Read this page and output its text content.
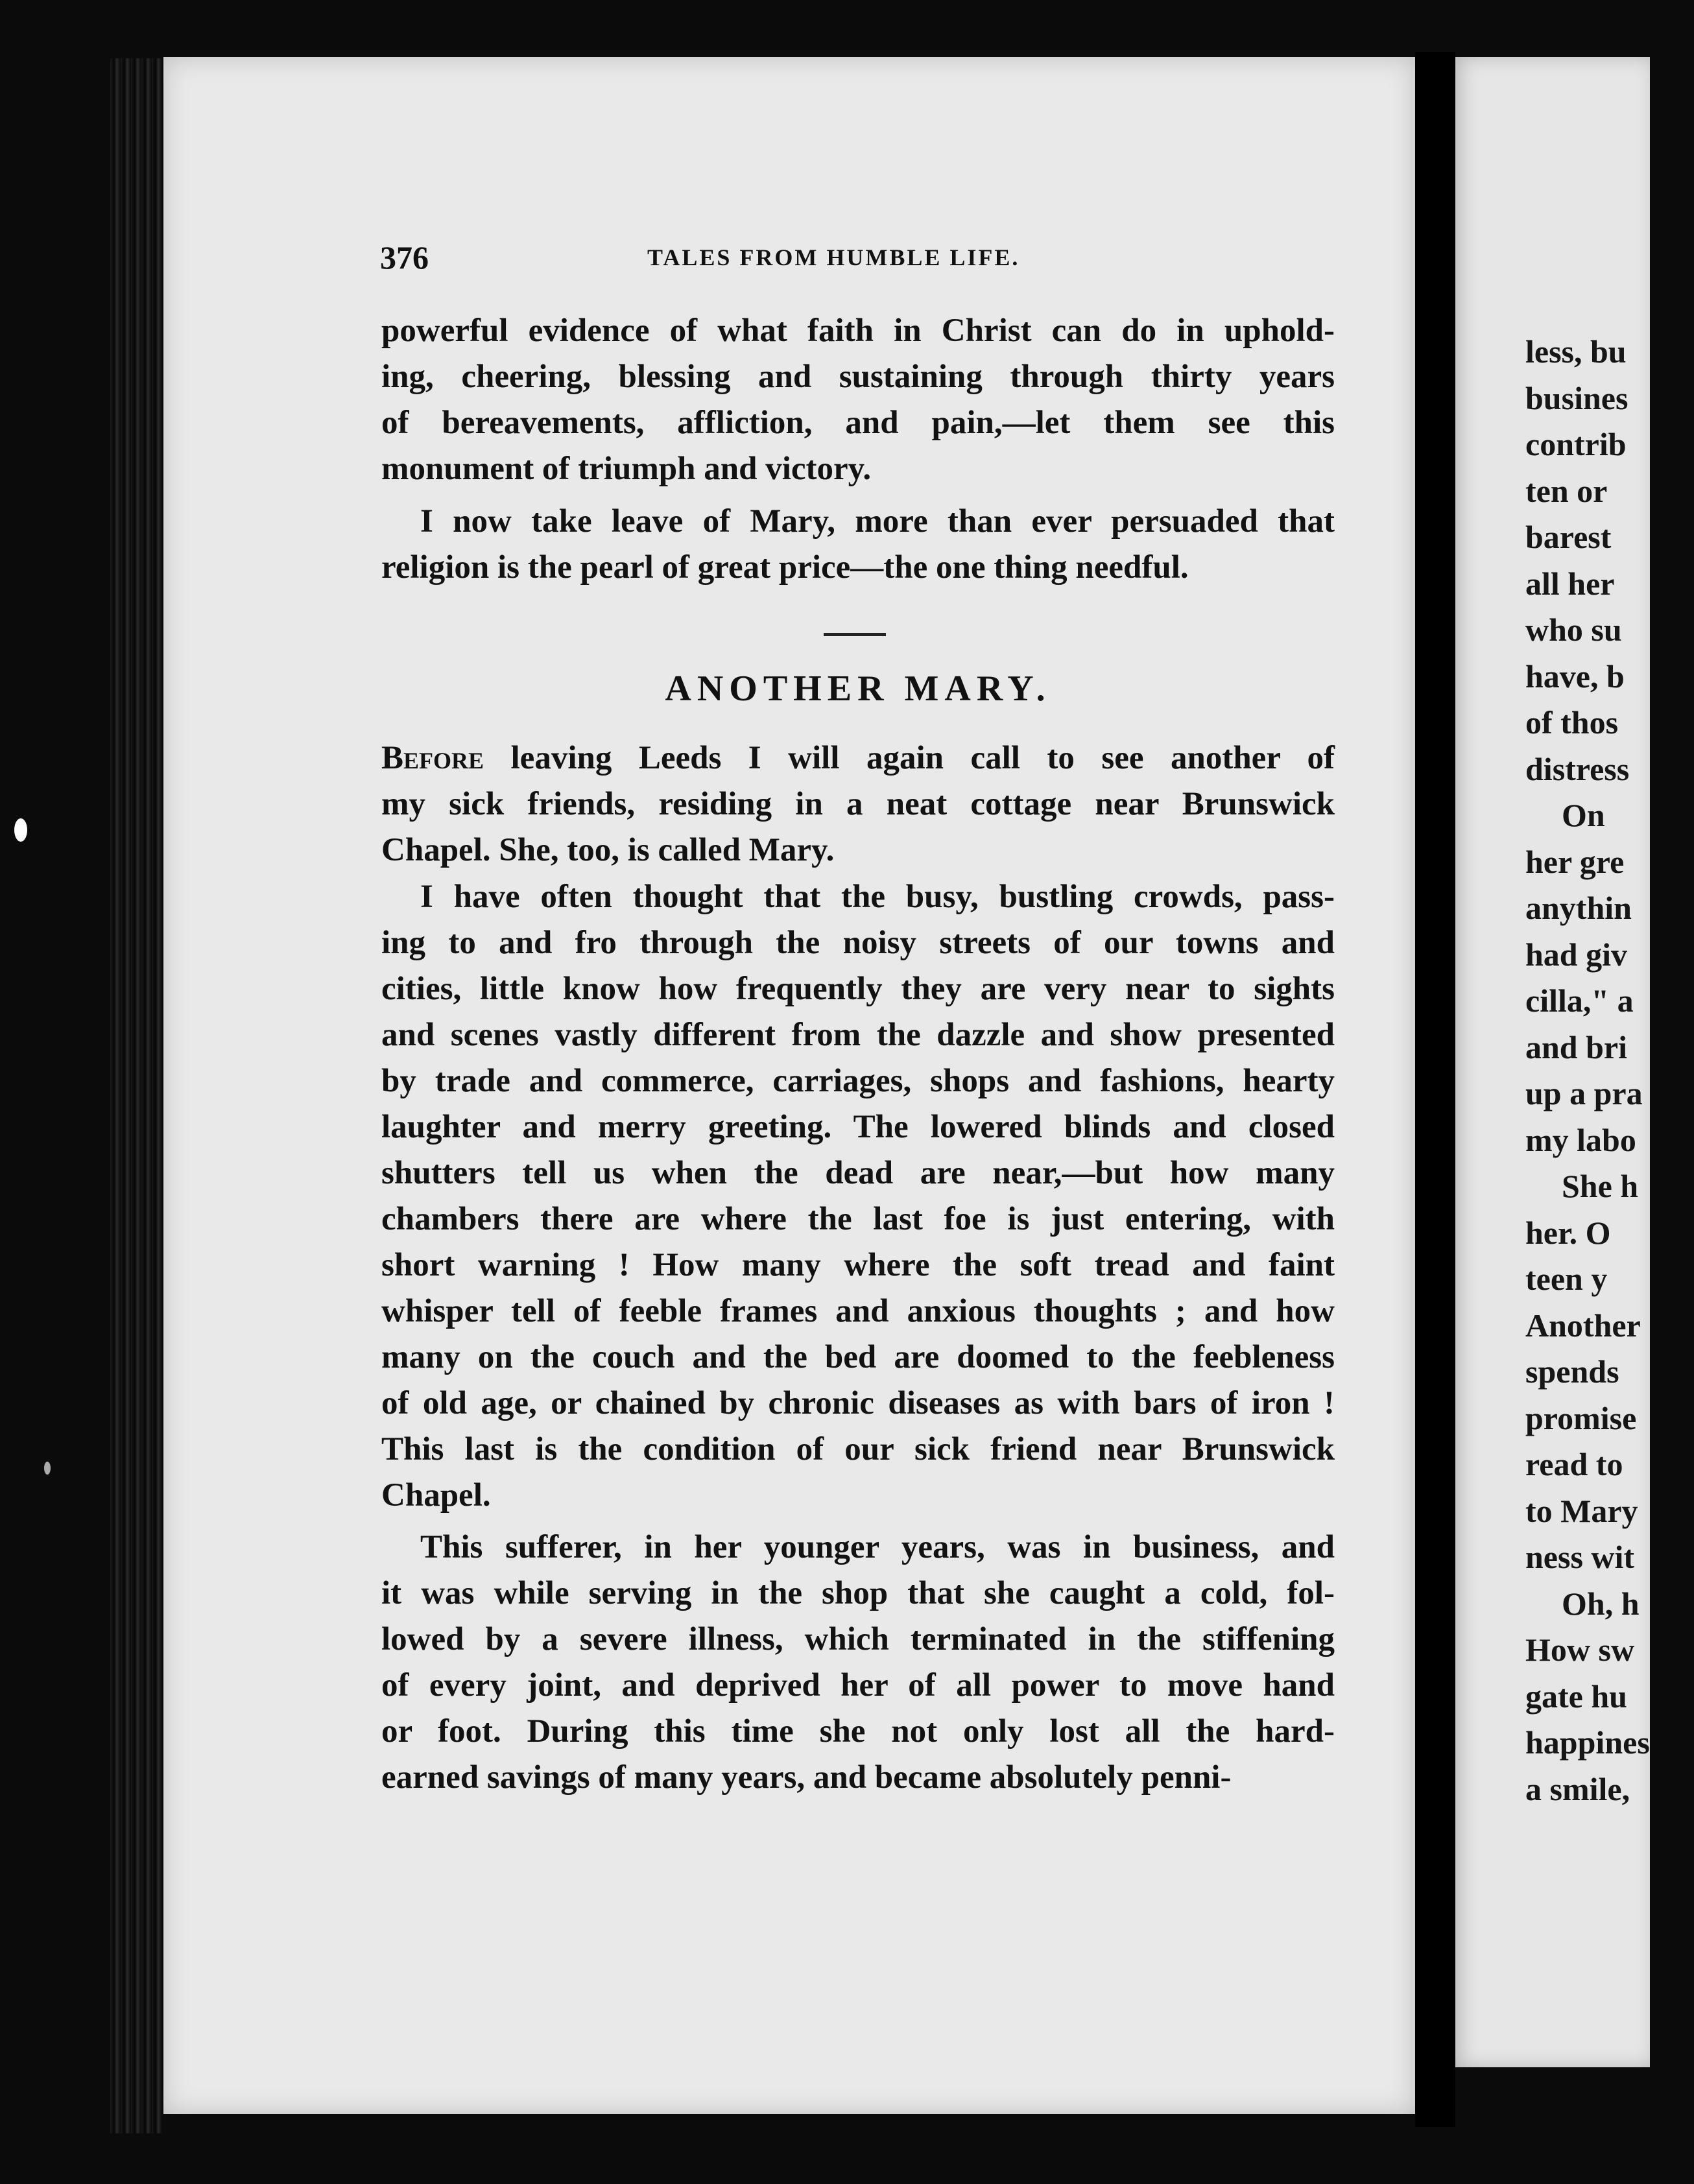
376	TALES FROM HUMBLE LIFE.
powerful evidence of what faith in Christ can do in uphold-
ing, cheering, blessing and sustaining through thirty years
of bereavements, affliction, and pain,—let them see this
monument of triumph and victory.
I now take leave of Mary, more than ever persuaded that
religion is the pearl of great price—the one thing needful.
Before leaving Leeds I will again call to see another of
my sick friends, residing in a neat cottage near Brunswick
Chapel. She, too, is called Mary.
I have often thought that the busy, bustling crowds, pass-
ing to and fro through the noisy streets of our towns and
cities, little know how frequently they are very near to sights
and scenes vastly different from the dazzle and show presented
by trade and commerce, carriages, shops and fashions, hearty
laughter and merry greeting. The lowered blinds and closed
shutters tell us when the dead are near,—but how many
chambers there are where the last foe is just entering, with
short warning ! How many where the soft tread and faint
whisper tell of feeble frames and anxious thoughts ; and how
many on the couch and the bed are doomed to the feebleness
of old age, or chained by chronic diseases as with bars of iron !
This last is the condition of our sick friend near Brunswick
Chapel.
This sufferer, in her younger years, was in business, and
it was while serving in the shop that she caught a cold, fol-
lowed by a severe illness, which terminated in the stiffening
of every joint, and deprived her of all power to move hand
or foot. During this time she not only lost all the hard-
earned savings of many years, and became absolutely penni-
ANOTHER MARY.
less, bu
busines
contrib
ten or
barest
all her
who su
have, b
of thos
distress
On
her gre
anythin
had giv
cilla," a
and bri
up a pra
my labo
She h
her. O
teen y
Another
spends
promise
read to
to Mary
ness wit
Oh, h
How sw
gate hu
happines
a smile,
